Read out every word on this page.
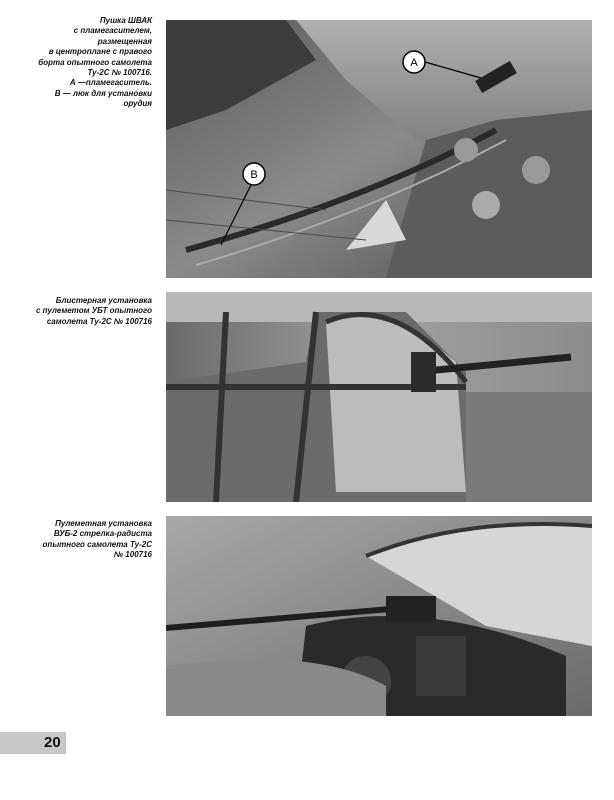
Пушка ШВАК
с пламегасителем,
размещенная
в центроплане с правого
борта опытного самолета
Ту-2С № 100716.
А —пламегаситель.
В — люк для установки
орудия
A
B
Блистерная установка
с пулеметом УБТ опытного
самолета Ту-2С № 100716
Пулеметная установка
ВУБ-2 стрелка-радиста
опытного самолета Ту-2С
№ 100716
20
